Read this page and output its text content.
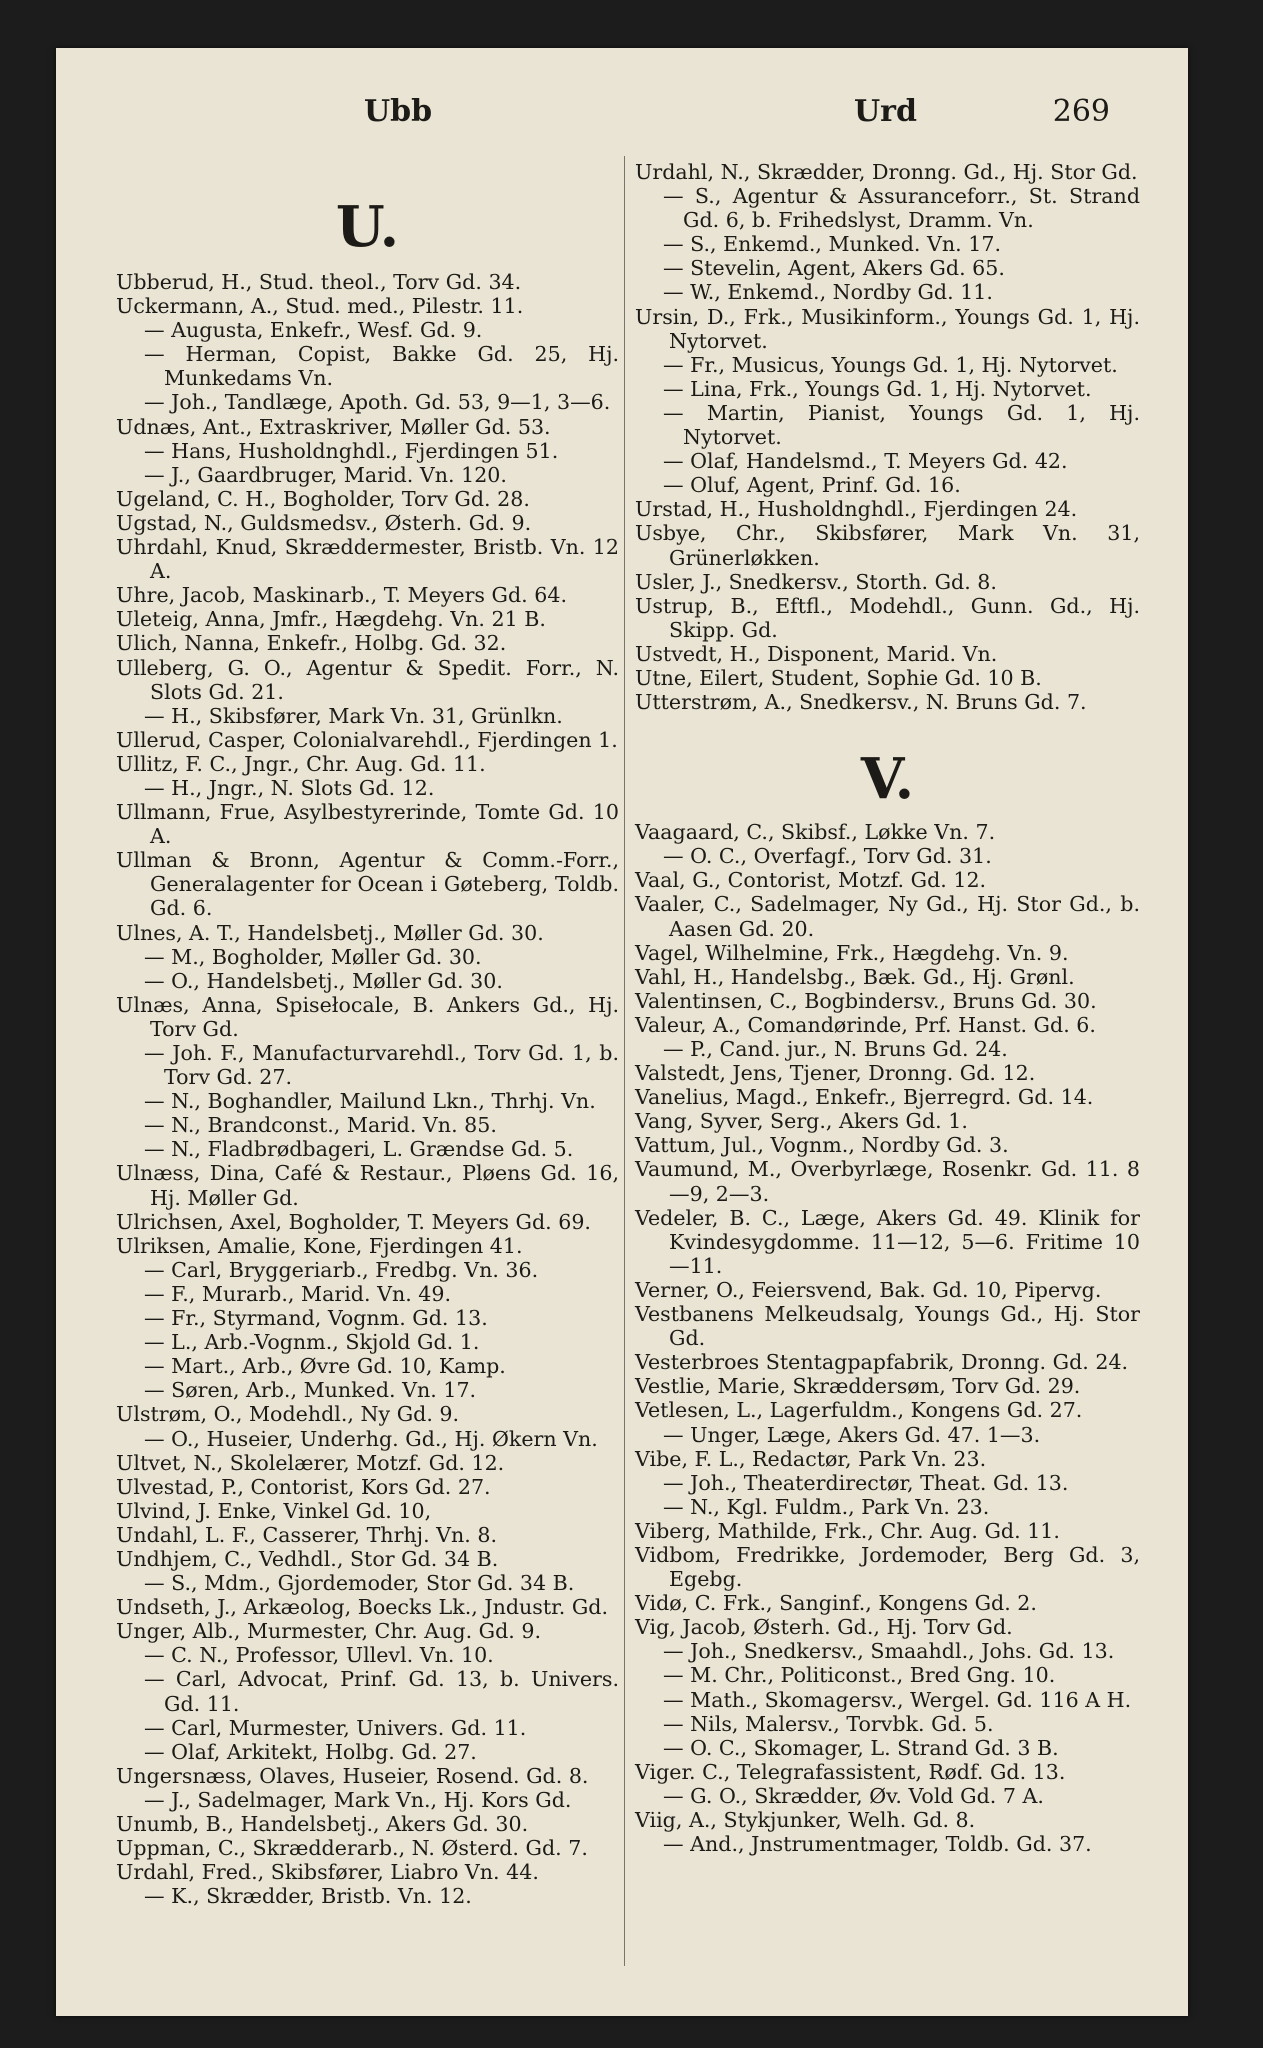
Ubb	Urd	269
U.

Ubberud, H., Stud. theol., Torv Gd. 34.

Uckermann, A., Stud. med., Pilestr. 11.

— Augusta, Enkefr., Wesf. Gd. 9.

— Herman, Copist, Bakke Gd. 25, Hj. Munkedams Vn.

— Joh., Tandlæge, Apoth. Gd. 53, 9—1, 3—6.

Udnæs, Ant., Extraskriver, Møller Gd. 53.

— Hans, Husholdnghdl., Fjerdingen 51.

— J., Gaardbruger, Marid. Vn. 120.

Ugeland, C. H., Bogholder, Torv Gd. 28.

Ugstad, N., Guldsmedsv., Østerh. Gd. 9.

Uhrdahl, Knud, Skræddermester, Bristb. Vn. 12 A.

Uhre, Jacob, Maskinarb., T. Meyers Gd. 64.

Uleteig, Anna, Jmfr., Hægdehg. Vn. 21 B.

Ulich, Nanna, Enkefr., Holbg. Gd. 32.

Ulleberg, G. O., Agentur & Spedit. Forr., N. Slots Gd. 21.

— H., Skibsfører, Mark Vn. 31, Grünlkn.

Ullerud, Casper, Colonialvarehdl., Fjerdingen 1.

Ullitz, F. C., Jngr., Chr. Aug. Gd. 11.

— H., Jngr., N. Slots Gd. 12.

Ullmann, Frue, Asylbestyrerinde, Tomte Gd. 10 A.

Ullman & Bronn, Agentur & Comm.-Forr., Generalagenter for Ocean i Gøteberg, Toldb. Gd. 6.

Ulnes, A. T., Handelsbetj., Møller Gd. 30.

— M., Bogholder, Møller Gd. 30.

— O., Handelsbetj., Møller Gd. 30.

Ulnæs, Anna, Spisełocale, B. Ankers Gd., Hj. Torv Gd.

— Joh. F., Manufacturvarehdl., Torv Gd. 1, b. Torv Gd. 27.

— N., Boghandler, Mailund Lkn., Thrhj. Vn.

— N., Brandconst., Marid. Vn. 85.

— N., Fladbrødbageri, L. Grændse Gd. 5.

Ulnæss, Dina, Café & Restaur., Pløens Gd. 16, Hj. Møller Gd.

Ulrichsen, Axel, Bogholder, T. Meyers Gd. 69.

Ulriksen, Amalie, Kone, Fjerdingen 41.

— Carl, Bryggeriarb., Fredbg. Vn. 36.

— F., Murarb., Marid. Vn. 49.

— Fr., Styrmand, Vognm. Gd. 13.

— L., Arb.-Vognm., Skjold Gd. 1.

— Mart., Arb., Øvre Gd. 10, Kamp.

— Søren, Arb., Munked. Vn. 17.

Ulstrøm, O., Modehdl., Ny Gd. 9.

— O., Huseier, Underhg. Gd., Hj. Økern Vn.

Ultvet, N., Skolelærer, Motzf. Gd. 12.

Ulvestad, P., Contorist, Kors Gd. 27.

Ulvind, J. Enke, Vinkel Gd. 10,

Undahl, L. F., Casserer, Thrhj. Vn. 8.

Undhjem, C., Vedhdl., Stor Gd. 34 B.

— S., Mdm., Gjordemoder, Stor Gd. 34 B.

Undseth, J., Arkæolog, Boecks Lk., Jndustr. Gd.

Unger, Alb., Murmester, Chr. Aug. Gd. 9.

— C. N., Professor, Ullevl. Vn. 10.

— Carl, Advocat, Prinf. Gd. 13, b. Univers. Gd. 11.

— Carl, Murmester, Univers. Gd. 11.

— Olaf, Arkitekt, Holbg. Gd. 27.

Ungersnæss, Olaves, Huseier, Rosend. Gd. 8.

— J., Sadelmager, Mark Vn., Hj. Kors Gd.

Unumb, B., Handelsbetj., Akers Gd. 30.

Uppman, C., Skrædderarb., N. Østerd. Gd. 7.

Urdahl, Fred., Skibsfører, Liabro Vn. 44.

— K., Skrædder, Bristb. Vn. 12.

Urdahl, N., Skrædder, Dronng. Gd., Hj. Stor Gd.

— S., Agentur & Assuranceforr., St. Strand Gd. 6, b. Frihedslyst, Dramm. Vn.

— S., Enkemd., Munked. Vn. 17.

— Stevelin, Agent, Akers Gd. 65.

— W., Enkemd., Nordby Gd. 11.

Ursin, D., Frk., Musikinform., Youngs Gd. 1, Hj. Nytorvet.

— Fr., Musicus, Youngs Gd. 1, Hj. Nytorvet.

— Lina, Frk., Youngs Gd. 1, Hj. Nytorvet.

— Martin, Pianist, Youngs Gd. 1, Hj. Nytorvet.

— Olaf, Handelsmd., T. Meyers Gd. 42.

— Oluf, Agent, Prinf. Gd. 16.

Urstad, H., Husholdnghdl., Fjerdingen 24.

Usbye, Chr., Skibsfører, Mark Vn. 31, Grünerløkken.

Usler, J., Snedkersv., Storth. Gd. 8.

Ustrup, B., Eftfl., Modehdl., Gunn. Gd., Hj. Skipp. Gd.

Ustvedt, H., Disponent, Marid. Vn.

Utne, Eilert, Student, Sophie Gd. 10 B.

Utterstrøm, A., Snedkersv., N. Bruns Gd. 7.

V.

Vaagaard, C., Skibsf., Løkke Vn. 7.

— O. C., Overfagf., Torv Gd. 31.

Vaal, G., Contorist, Motzf. Gd. 12.

Vaaler, C., Sadelmager, Ny Gd., Hj. Stor Gd., b. Aasen Gd. 20.

Vagel, Wilhelmine, Frk., Hægdehg. Vn. 9.

Vahl, H., Handelsbg., Bæk. Gd., Hj. Grønl.

Valentinsen, C., Bogbindersv., Bruns Gd. 30.

Valeur, A., Comandørinde, Prf. Hanst. Gd. 6.

— P., Cand. jur., N. Bruns Gd. 24.

Valstedt, Jens, Tjener, Dronng. Gd. 12.

Vanelius, Magd., Enkefr., Bjerregrd. Gd. 14.

Vang, Syver, Serg., Akers Gd. 1.

Vattum, Jul., Vognm., Nordby Gd. 3.

Vaumund, M., Overbyrlæge, Rosenkr. Gd. 11. 8—9, 2—3.

Vedeler, B. C., Læge, Akers Gd. 49. Klinik for Kvindesygdomme. 11—12, 5—6. Fritime 10—11.

Verner, O., Feiersvend, Bak. Gd. 10, Pipervg.

Vestbanens Melkeudsalg, Youngs Gd., Hj. Stor Gd.

Vesterbroes Stentagpapfabrik, Dronng. Gd. 24.

Vestlie, Marie, Skræddersøm, Torv Gd. 29.

Vetlesen, L., Lagerfuldm., Kongens Gd. 27.

— Unger, Læge, Akers Gd. 47. 1—3.

Vibe, F. L., Redactør, Park Vn. 23.

— Joh., Theaterdirectør, Theat. Gd. 13.

— N., Kgl. Fuldm., Park Vn. 23.

Viberg, Mathilde, Frk., Chr. Aug. Gd. 11.

Vidbom, Fredrikke, Jordemoder, Berg Gd. 3, Egebg.

Vidø, C. Frk., Sanginf., Kongens Gd. 2.

Vig, Jacob, Østerh. Gd., Hj. Torv Gd.

— Joh., Snedkersv., Smaahdl., Johs. Gd. 13.

— M. Chr., Politiconst., Bred Gng. 10.

— Math., Skomagersv., Wergel. Gd. 116 A H.

— Nils, Malersv., Torvbk. Gd. 5.

— O. C., Skomager, L. Strand Gd. 3 B.

Viger. C., Telegrafassistent, Rødf. Gd. 13.

— G. O., Skrædder, Øv. Vold Gd. 7 A.

Viig, A., Stykjunker, Welh. Gd. 8.

— And., Jnstrumentmager, Toldb. Gd. 37.
